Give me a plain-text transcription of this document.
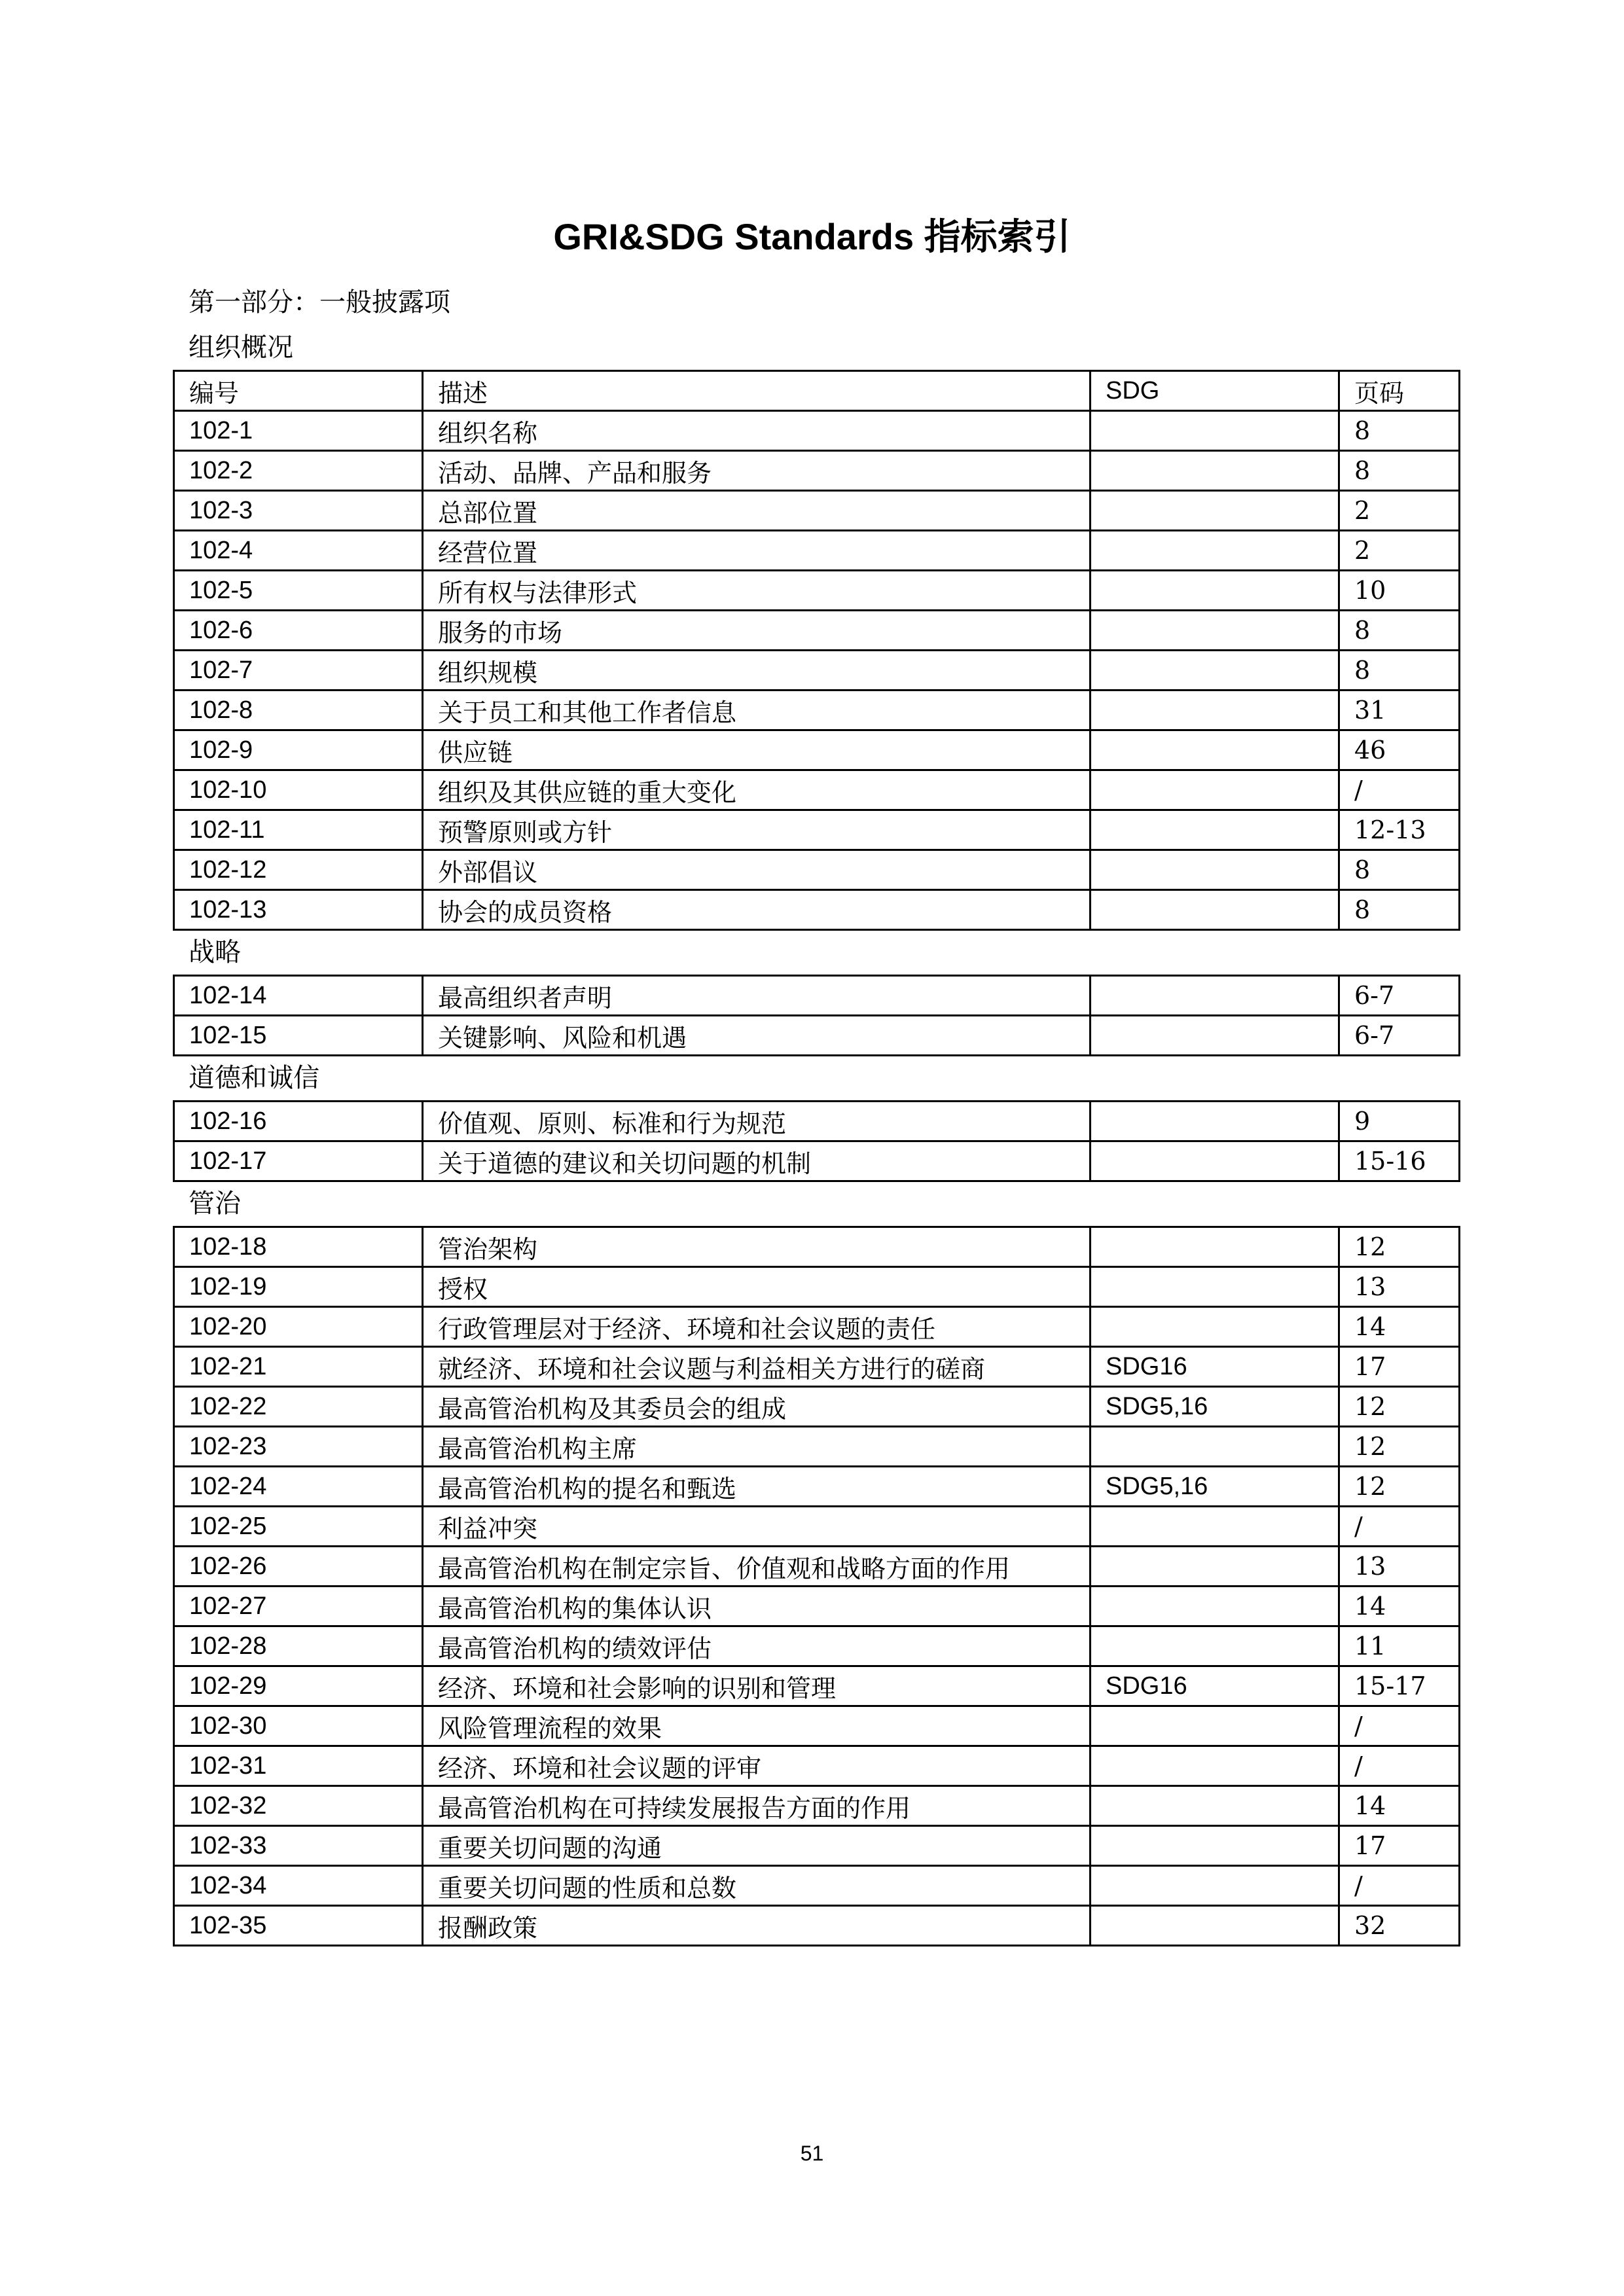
GRI&SDG Standards 指标索引
第一部分：一般披露项
组织概况
编号	描述	SDG	页码
102-1	组织名称		8
102-2	活动、品牌、产品和服务		8
102-3	总部位置		2
102-4	经营位置		2
102-5	所有权与法律形式		10
102-6	服务的市场		8
102-7	组织规模		8
102-8	关于员工和其他工作者信息		31
102-9	供应链		46
102-10	组织及其供应链的重大变化		/
102-11	预警原则或方针		12-13
102-12	外部倡议		8
102-13	协会的成员资格		8
战略
102-14	最高组织者声明		6-7
102-15	关键影响、风险和机遇		6-7
道德和诚信
102-16	价值观、原则、标准和行为规范		9
102-17	关于道德的建议和关切问题的机制		15-16
管治
102-18	管治架构		12
102-19	授权		13
102-20	行政管理层对于经济、环境和社会议题的责任		14
102-21	就经济、环境和社会议题与利益相关方进行的磋商	SDG16	17
102-22	最高管治机构及其委员会的组成	SDG5,16	12
102-23	最高管治机构主席		12
102-24	最高管治机构的提名和甄选	SDG5,16	12
102-25	利益冲突		/
102-26	最高管治机构在制定宗旨、价值观和战略方面的作用		13
102-27	最高管治机构的集体认识		14
102-28	最高管治机构的绩效评估		11
102-29	经济、环境和社会影响的识别和管理	SDG16	15-17
102-30	风险管理流程的效果		/
102-31	经济、环境和社会议题的评审		/
102-32	最高管治机构在可持续发展报告方面的作用		14
102-33	重要关切问题的沟通		17
102-34	重要关切问题的性质和总数		/
102-35	报酬政策		32
51
